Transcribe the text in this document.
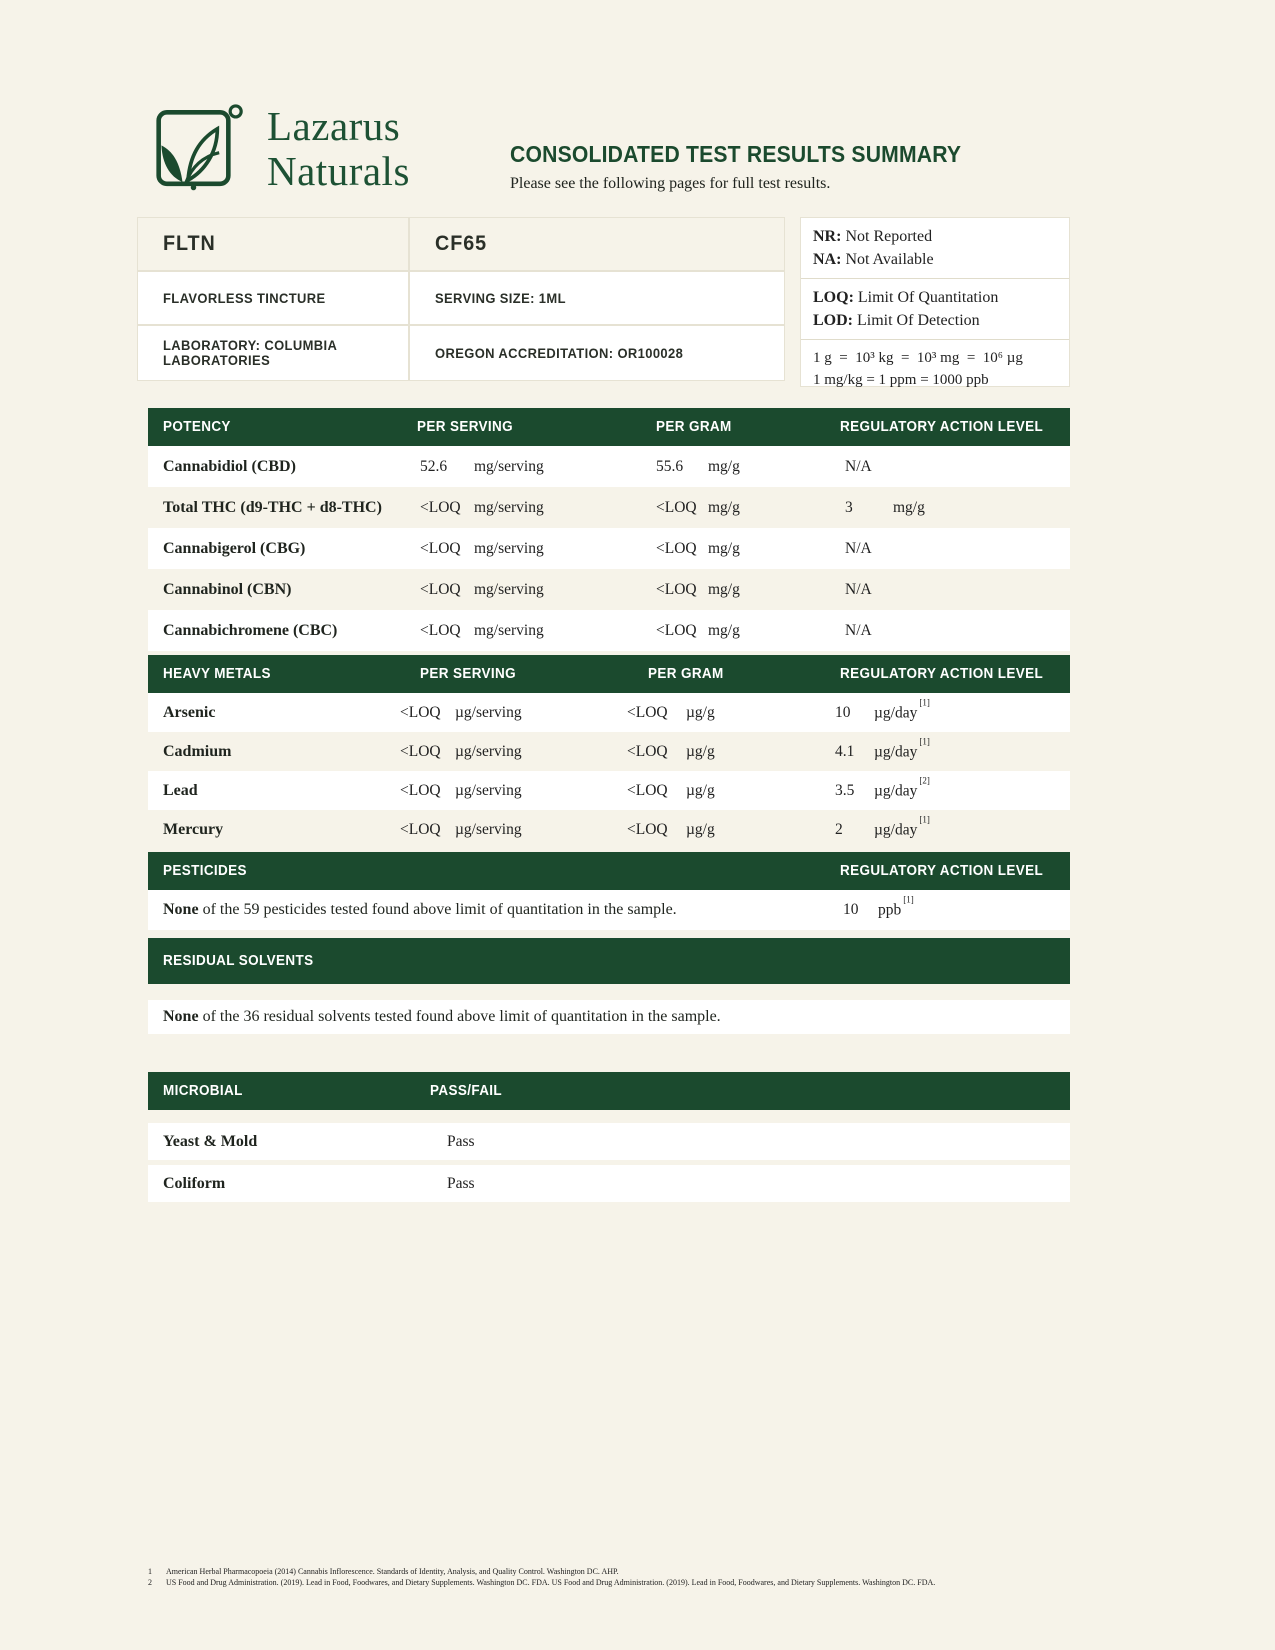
Lazarus
Naturals	CONSOLIDATED TEST RESULTS SUMMARY

Please see the following pages for full test results.

FLTN	CF65
FLAVORLESS TINCTURE	SERVING SIZE: 1ML
LABORATORY: COLUMBIA LABORATORIES	OREGON ACCREDITATION: OR100028
NR: Not Reported
NA: Not Available
LOQ: Limit Of Quantitation
LOD: Limit Of Detection
1 g  =  10³ kg  =  10³ mg  =  10⁶ µg
1 mg/kg = 1 ppm = 1000 ppb
POTENCY	PER SERVING	PER GRAM	REGULATORY ACTION LEVEL
Cannabidiol (CBD)	52.6 mg/serving	55.6 mg/g	N/A
Total THC (d9-THC + d8-THC) <LOQ mg/serving	<LOQ mg/g	3	mg/g
Cannabigerol (CBG)	<LOQ mg/serving	<LOQ mg/g	N/A
Cannabinol (CBN)	<LOQ mg/serving	<LOQ mg/g	N/A
Cannabichromene (CBC)	<LOQ mg/serving	<LOQ mg/g	N/A
HEAVY METALS	PER SERVING	PER GRAM	REGULATORY ACTION LEVEL
Arsenic	<LOQ µg/serving	<LOQ µg/g	10 µg/day[1]
Cadmium	<LOQ µg/serving	<LOQ µg/g	4.1 µg/day[1]
Lead	<LOQ µg/serving	<LOQ µg/g	3.5 µg/day[2]
Mercury	<LOQ µg/serving	<LOQ µg/g	2 µg/day[1]
PESTICIDES	REGULATORY ACTION LEVEL
None of the 59 pesticides tested found above limit of quantitation in the sample.	10 ppb[1]
RESIDUAL SOLVENTS
None of the 36 residual solvents tested found above limit of quantitation in the sample.
MICROBIAL	PASS/FAIL
Yeast & Mold	Pass
Coliform	Pass
1 American Herbal Pharmacopoeia (2014) Cannabis Inflorescence. Standards of Identity, Analysis, and Quality Control. Washington DC. AHP.
2 US Food and Drug Administration. (2019). Lead in Food, Foodwares, and Dietary Supplements. Washington DC. FDA. US Food and Drug Administration. (2019). Lead in Food, Foodwares, and Dietary Supplements. Washington DC. FDA.
